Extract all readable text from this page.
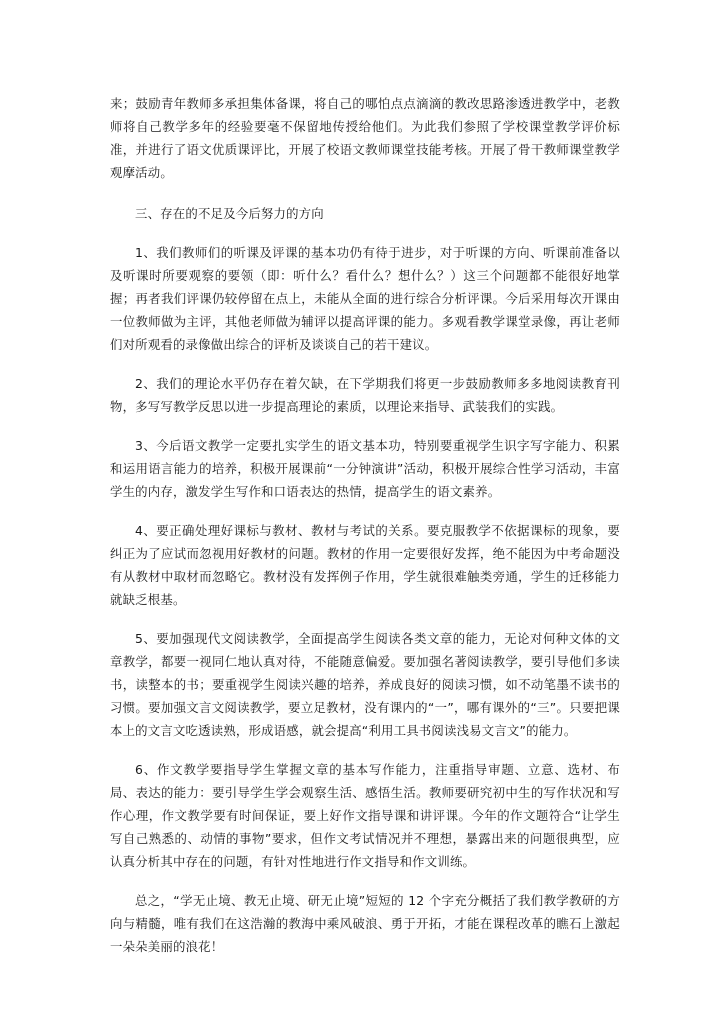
来；鼓励青年教师多承担集体备课，将自己的哪怕点点滴滴的教改思路渗透进教学中，老教师将自己教学多年的经验要毫不保留地传授给他们。为此我们参照了学校课堂教学评价标准，并进行了语文优质课评比，开展了校语文教师课堂技能考核。开展了骨干教师课堂教学观摩活动。

三、存在的不足及今后努力的方向

1、我们教师们的听课及评课的基本功仍有待于进步，对于听课的方向、听课前准备以及听课时所要观察的要领（即：听什么？看什么？想什么？）这三个问题都不能很好地掌握；再者我们评课仍较停留在点上，未能从全面的进行综合分析评课。今后采用每次开课由一位教师做为主评，其他老师做为辅评以提高评课的能力。多观看教学课堂录像，再让老师们对所观看的录像做出综合的评析及谈谈自己的若干建议。

2、我们的理论水平仍存在着欠缺，在下学期我们将更一步鼓励教师多多地阅读教育刊物，多写写教学反思以进一步提高理论的素质，以理论来指导、武装我们的实践。

3、今后语文教学一定要扎实学生的语文基本功，特别要重视学生识字写字能力、积累和运用语言能力的培养，积极开展课前“一分钟演讲”活动，积极开展综合性学习活动，丰富学生的内存，激发学生写作和口语表达的热情，提高学生的语文素养。

4、要正确处理好课标与教材、教材与考试的关系。要克服教学不依据课标的现象，要纠正为了应试而忽视用好教材的问题。教材的作用一定要很好发挥，绝不能因为中考命题没有从教材中取材而忽略它。教材没有发挥例子作用，学生就很难触类旁通，学生的迁移能力就缺乏根基。

5、要加强现代文阅读教学，全面提高学生阅读各类文章的能力，无论对何种文体的文章教学，都要一视同仁地认真对待，不能随意偏爱。要加强名著阅读教学，要引导他们多读书，读整本的书；要重视学生阅读兴趣的培养，养成良好的阅读习惯，如不动笔墨不读书的习惯。要加强文言文阅读教学，要立足教材，没有课内的“一”，哪有课外的“三”。只要把课本上的文言文吃透读熟，形成语感，就会提高“利用工具书阅读浅易文言文”的能力。

6、作文教学要指导学生掌握文章的基本写作能力，注重指导审题、立意、选材、布局、表达的能力：要引导学生学会观察生活、感悟生活。教师要研究初中生的写作状况和写作心理，作文教学要有时间保证，要上好作文指导课和讲评课。今年的作文题符合“让学生写自己熟悉的、动情的事物”要求，但作文考试情况并不理想，暴露出来的问题很典型，应认真分析其中存在的问题，有针对性地进行作文指导和作文训练。

总之，“学无止境、教无止境、研无止境”短短的 12 个字充分概括了我们教学教研的方向与精髓，唯有我们在这浩瀚的教海中乘风破浪、勇于开拓，才能在课程改革的瞧石上激起一朵朵美丽的浪花！
